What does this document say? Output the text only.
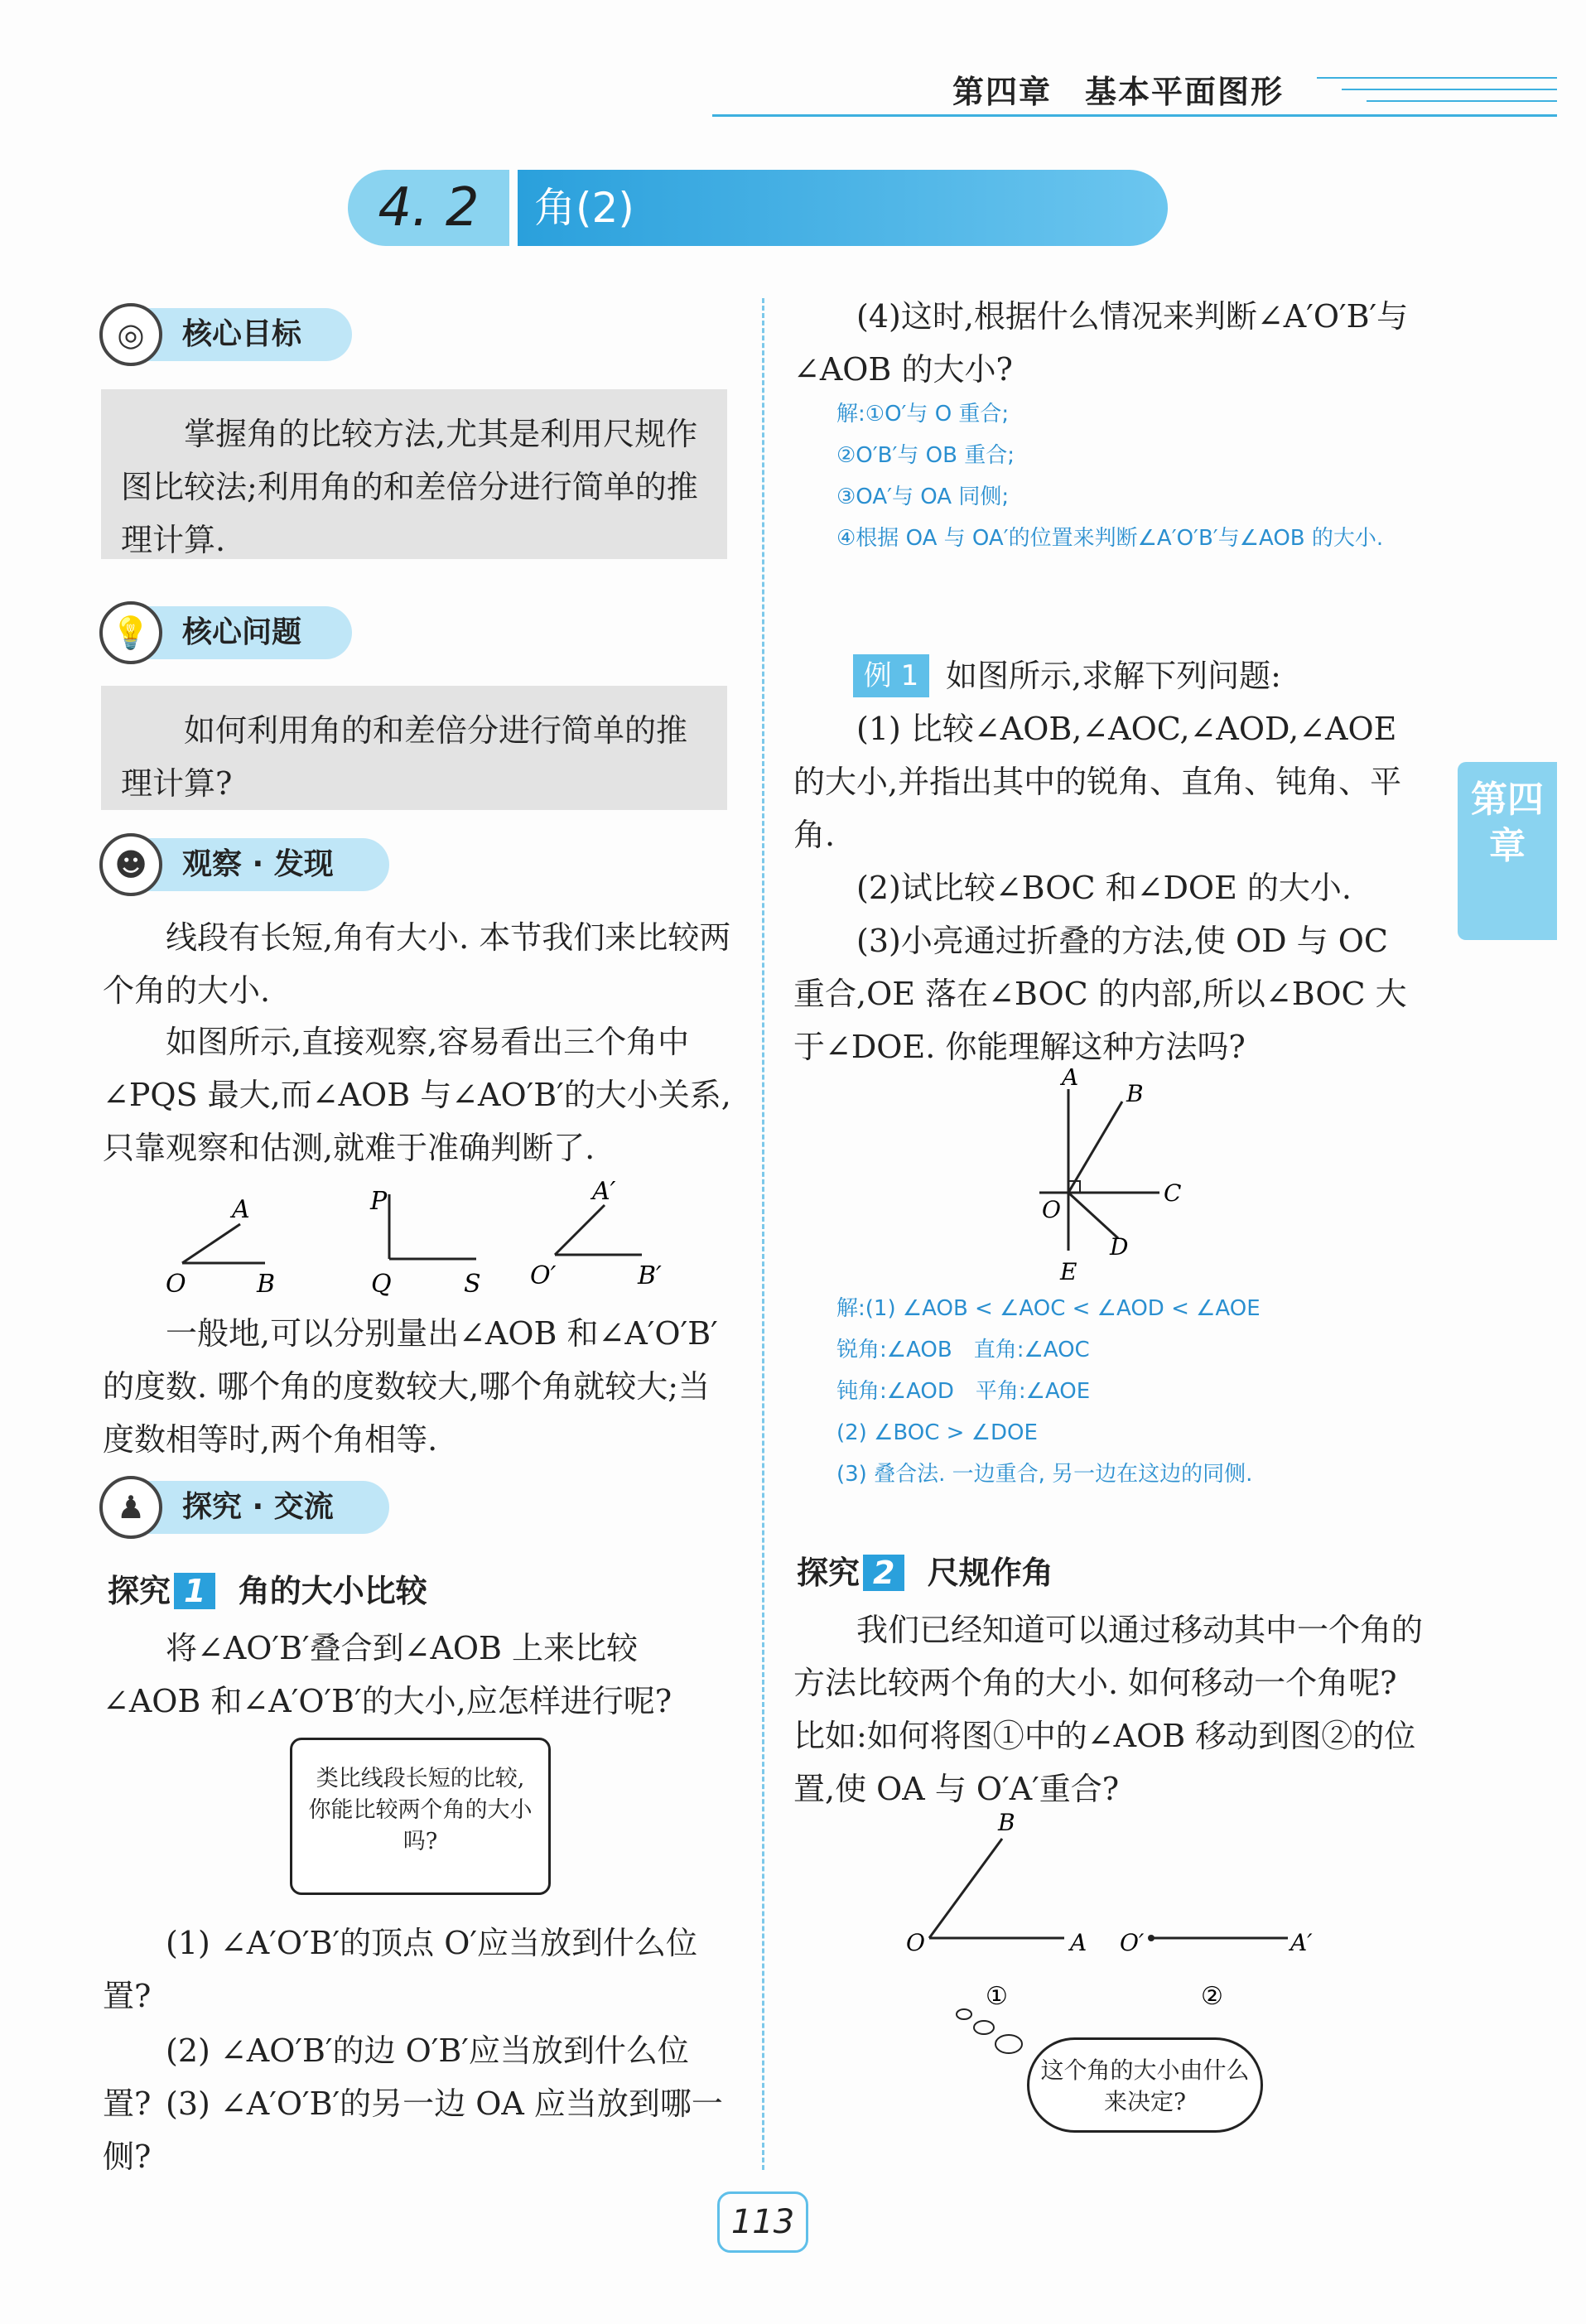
第四章　基本平面图形
4. 2	角(2)
第四章
◎	核心目标
掌握角的比较方法,尤其是利用尺规作图比较法;利用角的和差倍分进行简单的推理计算.
💡	核心问题
如何利用角的和差倍分进行简单的推理计算?
☻	观察 · 发现
线段有长短,角有大小. 本节我们来比较两个角的大小.
如图所示,直接观察,容易看出三个角中∠PQS 最大,而∠AOB 与∠AO′B′的大小关系,只靠观察和估测,就难于准确判断了.
A
O	B
P
Q	S
A′
O′	B′
一般地,可以分别量出∠AOB 和∠A′O′B′的度数. 哪个角的度数较大,哪个角就较大;当度数相等时,两个角相等.
♟	探究 · 交流
探究 1 角的大小比较
将∠AO′B′叠合到∠AOB 上来比较∠AOB 和∠A′O′B′的大小,应怎样进行呢?
类比线段长短的比较,你能比较两个角的大小吗?
(1) ∠A′O′B′的顶点 O′应当放到什么位置?
(2) ∠AO′B′的边 O′B′应当放到什么位置? (3) ∠A′O′B′的另一边 OA 应当放到哪一侧?
(4)这时,根据什么情况来判断∠A′O′B′与∠AOB 的大小?
解:①O′与 O 重合;
②O′B′与 OB 重合;
③OA′与 OA 同侧;
④根据 OA 与 OA′的位置来判断∠A′O′B′与∠AOB 的大小.
例 1 如图所示,求解下列问题:
(1) 比较∠AOB,∠AOC,∠AOD,∠AOE 的大小,并指出其中的锐角、直角、钝角、平角.
(2)试比较∠BOC 和∠DOE 的大小.
(3)小亮通过折叠的方法,使 OD 与 OC 重合,OE 落在∠BOC 的内部,所以∠BOC 大于∠DOE. 你能理解这种方法吗?
A
B
C
O
D
E
解:(1) ∠AOB < ∠AOC < ∠AOD < ∠AOE
锐角:∠AOB　直角:∠AOC
钝角:∠AOD　平角:∠AOE
(2) ∠BOC > ∠DOE
(3) 叠合法. 一边重合, 另一边在这边的同侧.
探究 2 尺规作角
我们已经知道可以通过移动其中一个角的方法比较两个角的大小. 如何移动一个角呢? 比如:如何将图①中的∠AOB 移动到图②的位置,使 OA 与 O′A′重合?
B
O	A O′	A′
①	②
这个角的大小由什么来决定?
113
